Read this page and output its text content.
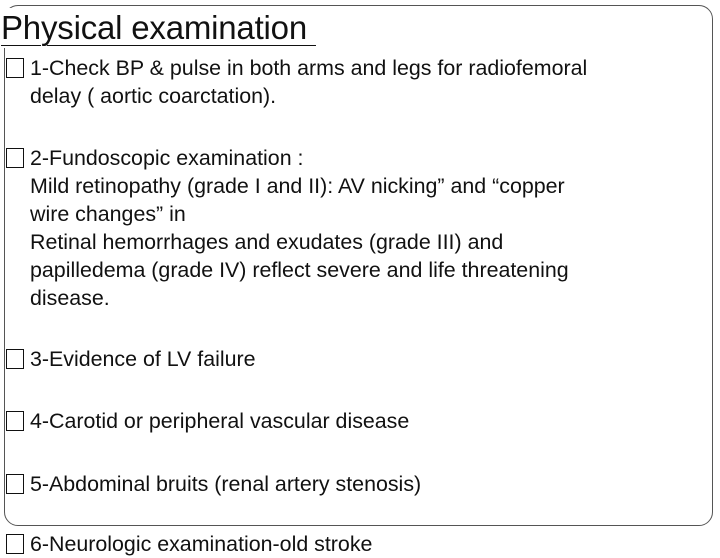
Physical examination
1-Check BP & pulse in both arms and legs for radiofemoral
delay ( aortic coarctation).
2-Fundoscopic examination :
Mild retinopathy (grade I and II): AV nicking” and “copper
wire changes” in
Retinal hemorrhages and exudates (grade III) and
papilledema (grade IV) reflect severe and life threatening
disease.
3-Evidence of LV failure
4-Carotid or peripheral vascular disease
5-Abdominal bruits (renal artery stenosis)
6-Neurologic examination-old stroke
